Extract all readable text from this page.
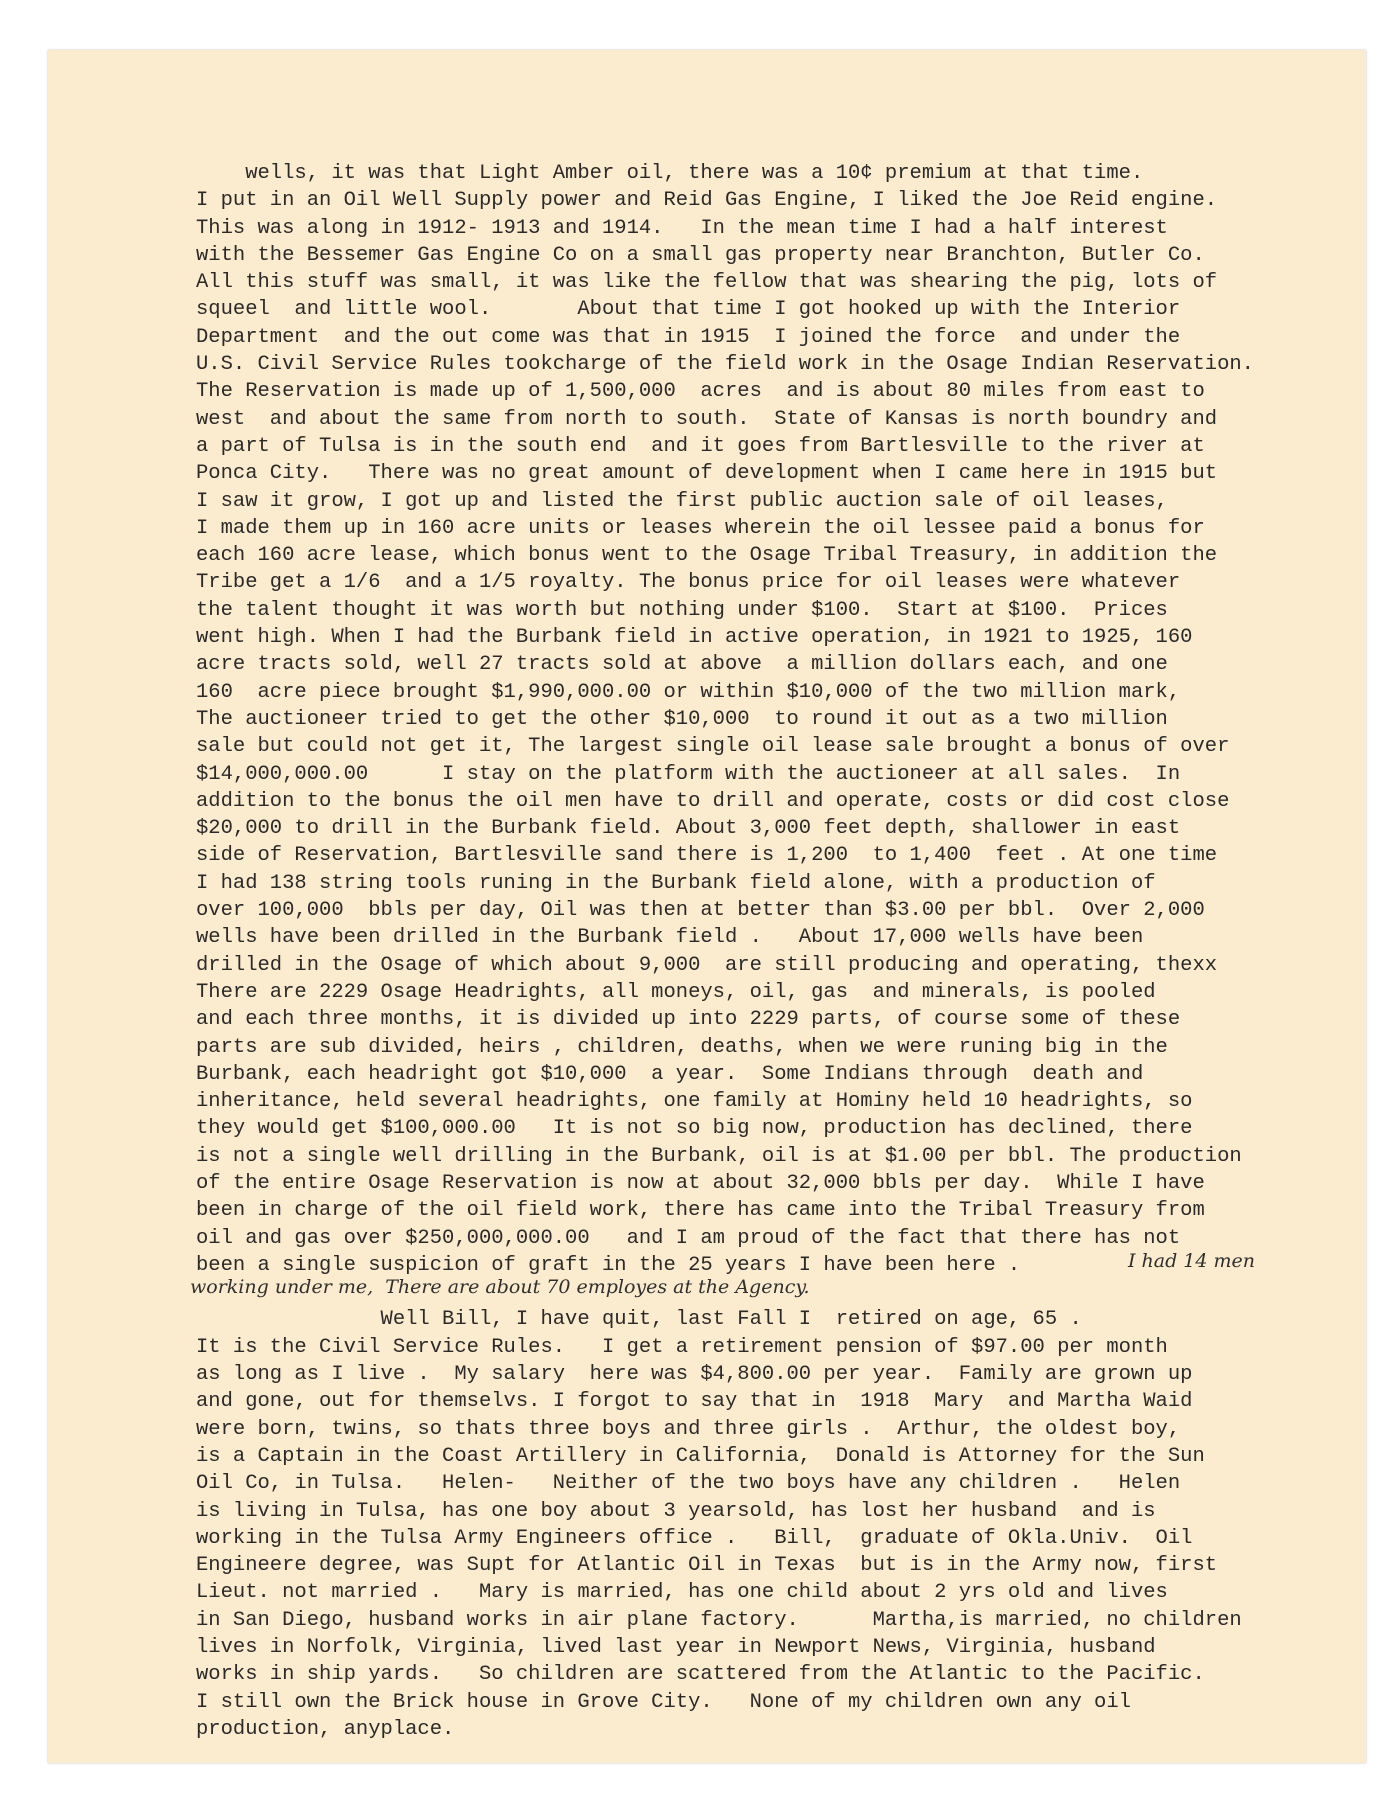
wells, it was that Light Amber oil, there was a 10¢ premium at that time.
I put in an Oil Well Supply power and Reid Gas Engine, I liked the Joe Reid engine.
This was along in 1912- 1913 and 1914.   In the mean time I had a half interest
with the Bessemer Gas Engine Co on a small gas property near Branchton, Butler Co.
All this stuff was small, it was like the fellow that was shearing the pig, lots of
squeel  and little wool.       About that time I got hooked up with the Interior
Department  and the out come was that in 1915  I joined the force  and under the
U.S. Civil Service Rules tookcharge of the field work in the Osage Indian Reservation.
The Reservation is made up of 1,500,000  acres  and is about 80 miles from east to
west  and about the same from north to south.  State of Kansas is north boundry and
a part of Tulsa is in the south end  and it goes from Bartlesville to the river at
Ponca City.   There was no great amount of development when I came here in 1915 but
I saw it grow, I got up and listed the first public auction sale of oil leases,
I made them up in 160 acre units or leases wherein the oil lessee paid a bonus for
each 160 acre lease, which bonus went to the Osage Tribal Treasury, in addition the
Tribe get a 1/6  and a 1/5 royalty. The bonus price for oil leases were whatever
the talent thought it was worth but nothing under $100.  Start at $100.  Prices
went high. When I had the Burbank field in active operation, in 1921 to 1925, 160
acre tracts sold, well 27 tracts sold at above  a million dollars each, and one
160  acre piece brought $1,990,000.00 or within $10,000 of the two million mark,
The auctioneer tried to get the other $10,000  to round it out as a two million
sale but could not get it, The largest single oil lease sale brought a bonus of over
$14,000,000.00      I stay on the platform with the auctioneer at all sales.  In
addition to the bonus the oil men have to drill and operate, costs or did cost close
$20,000 to drill in the Burbank field. About 3,000 feet depth, shallower in east
side of Reservation, Bartlesville sand there is 1,200  to 1,400  feet . At one time
I had 138 string tools runing in the Burbank field alone, with a production of
over 100,000  bbls per day, Oil was then at better than $3.00 per bbl.  Over 2,000
wells have been drilled in the Burbank field .   About 17,000 wells have been
drilled in the Osage of which about 9,000  are still producing and operating, thexx
There are 2229 Osage Headrights, all moneys, oil, gas  and minerals, is pooled
and each three months, it is divided up into 2229 parts, of course some of these
parts are sub divided, heirs , children, deaths, when we were runing big in the
Burbank, each headright got $10,000  a year.  Some Indians through  death and
inheritance, held several headrights, one family at Hominy held 10 headrights, so
they would get $100,000.00   It is not so big now, production has declined, there
is not a single well drilling in the Burbank, oil is at $1.00 per bbl. The production
of the entire Osage Reservation is now at about 32,000 bbls per day.  While I have
been in charge of the oil field work, there has came into the Tribal Treasury from
oil and gas over $250,000,000.00   and I am proud of the fact that there has not
been a single suspicion of graft in the 25 years I have been here .
Well Bill, I have quit, last Fall I  retired on age, 65 .
It is the Civil Service Rules.   I get a retirement pension of $97.00 per month
as long as I live .  My salary  here was $4,800.00 per year.  Family are grown up
and gone, out for themselvs. I forgot to say that in  1918  Mary  and Martha Waid
were born, twins, so thats three boys and three girls .  Arthur, the oldest boy,
is a Captain in the Coast Artillery in California,  Donald is Attorney for the Sun
Oil Co, in Tulsa.   Helen-   Neither of the two boys have any children .   Helen
is living in Tulsa, has one boy about 3 yearsold, has lost her husband  and is
working in the Tulsa Army Engineers office .   Bill,  graduate of Okla.Univ.  Oil
Engineere degree, was Supt for Atlantic Oil in Texas  but is in the Army now, first
Lieut. not married .   Mary is married, has one child about 2 yrs old and lives
in San Diego, husband works in air plane factory.      Martha,is married, no children
lives in Norfolk, Virginia, lived last year in Newport News, Virginia, husband
works in ship yards.   So children are scattered from the Atlantic to the Pacific.
I still own the Brick house in Grove City.   None of my children own any oil
production, anyplace.
I had 14 men
working under me,  There are about 70 employes at the Agency.
